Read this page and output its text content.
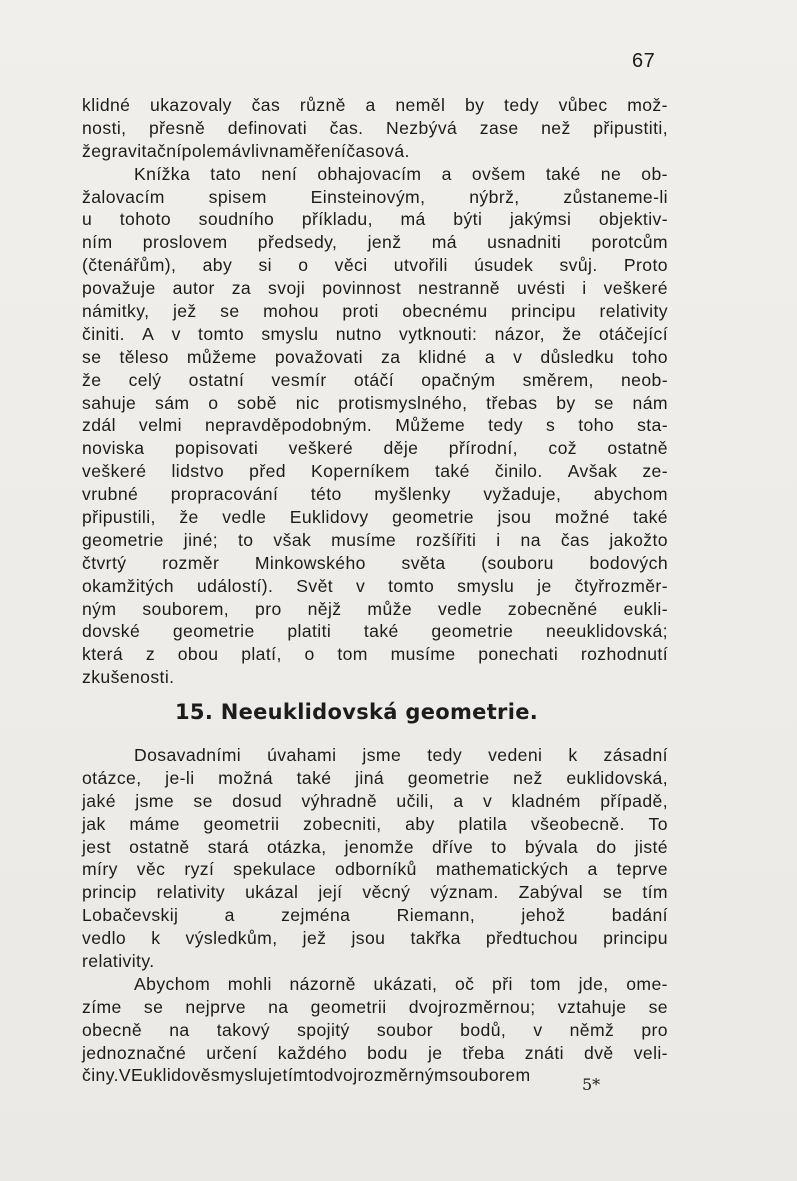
67
klidné ukazovaly čas různě a neměl by tedy vůbec mož-
nosti, přesně definovati čas. Nezbývá zase než připustiti,
že gravitační pole má vliv na měření časová.
Knížka tato není obhajovacím a ovšem také ne ob-
žalovacím spisem Einsteinovým, nýbrž, zůstaneme-li
u tohoto soudního příkladu, má býti jakýmsi objektiv-
ním proslovem předsedy, jenž má usnadniti porotcům
(čtenářům), aby si o věci utvořili úsudek svůj. Proto
považuje autor za svoji povinnost nestranně uvésti i veškeré
námitky, jež se mohou proti obecnému principu relativity
činiti. A v tomto smyslu nutno vytknouti: názor, že otáčející
se těleso můžeme považovati za klidné a v důsledku toho
že celý ostatní vesmír otáčí opačným směrem, neob-
sahuje sám o sobě nic protismyslného, třebas by se nám
zdál velmi nepravděpodobným. Můžeme tedy s toho sta-
noviska popisovati veškeré děje přírodní, což ostatně
veškeré lidstvo před Koperníkem také činilo. Avšak ze-
vrubné propracování této myšlenky vyžaduje, abychom
připustili, že vedle Euklidovy geometrie jsou možné také
geometrie jiné; to však musíme rozšířiti i na čas jakožto
čtvrtý rozměr Minkowského světa (souboru bodových
okamžitých událostí). Svět v tomto smyslu je čtyřrozměr-
ným souborem, pro nějž může vedle zobecněné eukli-
dovské geometrie platiti také geometrie neeuklidovská;
která z obou platí, o tom musíme ponechati rozhodnutí
zkušenosti.
15. Neeuklidovská geometrie.
Dosavadními úvahami jsme tedy vedeni k zásadní
otázce, je-li možná také jiná geometrie než euklidovská,
jaké jsme se dosud výhradně učili, a v kladném případě,
jak máme geometrii zobecniti, aby platila všeobecně. To
jest ostatně stará otázka, jenomže dříve to bývala do jisté
míry věc ryzí spekulace odborníků mathematických a teprve
princip relativity ukázal její věcný význam. Zabýval se tím
Lobačevskij	a	zejména	Riemann,	jehož	badání
vedlo k výsledkům, jež jsou takřka předtuchou principu
relativity.
Abychom mohli názorně ukázati, oč při tom jde, ome-
zíme se nejprve na geometrii dvojrozměrnou; vztahuje se
obecně na takový spojitý soubor bodů, v němž pro
jednoznačné určení každého bodu je třeba znáti dvě veli-
činy. V Euklidově smyslu je tímto dvojrozměrným souborem	5*
